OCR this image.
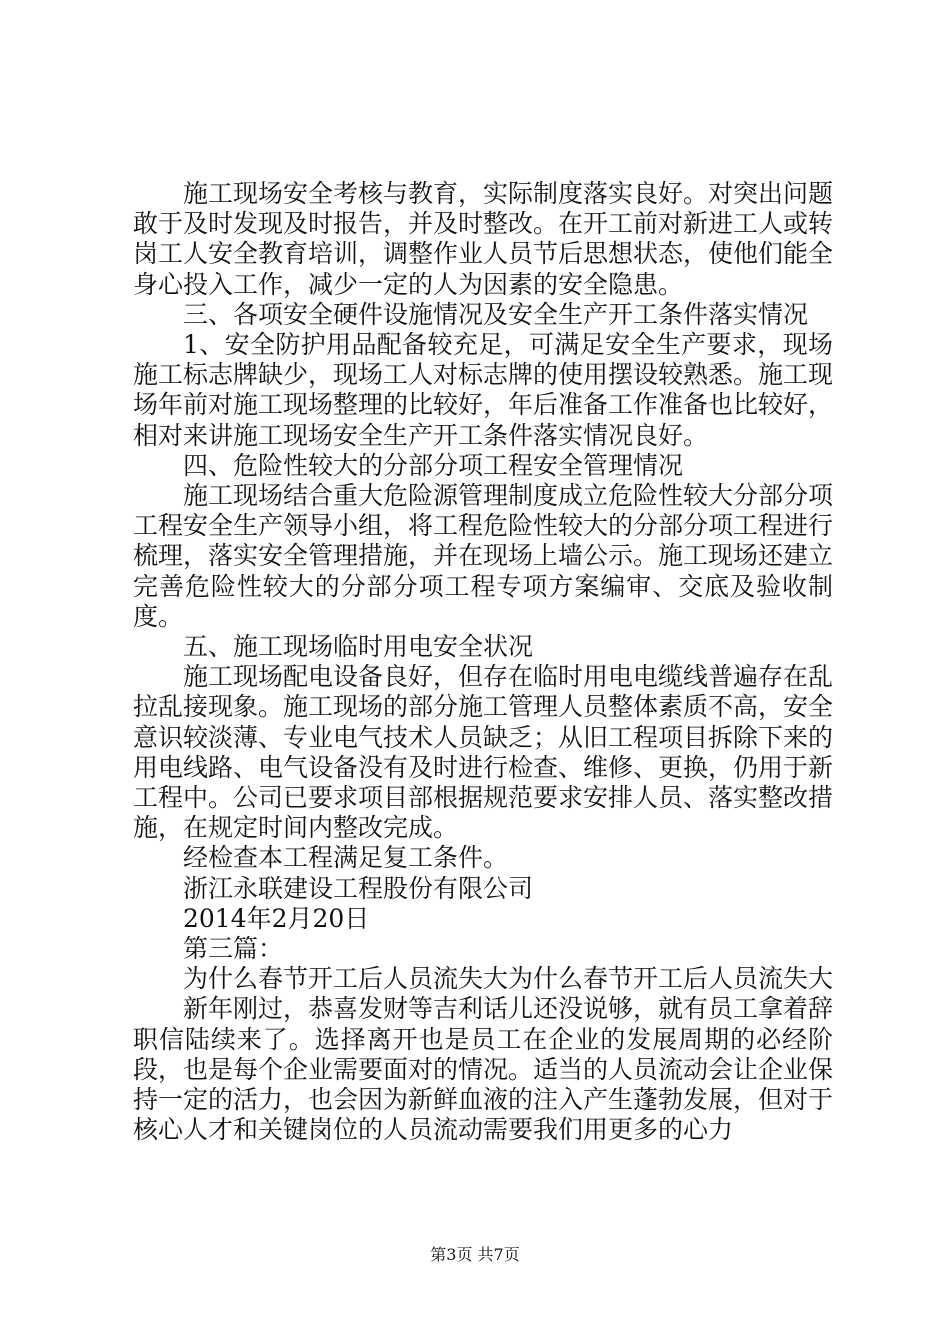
施工现场安全考核与教育，实际制度落实良好。对突出问题敢于及时发现及时报告，并及时整改。在开工前对新进工人或转岗工人安全教育培训，调整作业人员节后思想状态，使他们能全身心投入工作，减少一定的人为因素的安全隐患。

三、各项安全硬件设施情况及安全生产开工条件落实情况

1、安全防护用品配备较充足，可满足安全生产要求，现场施工标志牌缺少，现场工人对标志牌的使用摆设较熟悉。施工现场年前对施工现场整理的比较好，年后准备工作准备也比较好，相对来讲施工现场安全生产开工条件落实情况良好。

四、危险性较大的分部分项工程安全管理情况

施工现场结合重大危险源管理制度成立危险性较大分部分项工程安全生产领导小组，将工程危险性较大的分部分项工程进行梳理，落实安全管理措施，并在现场上墙公示。施工现场还建立完善危险性较大的分部分项工程专项方案编审、交底及验收制度。

五、施工现场临时用电安全状况

施工现场配电设备良好，但存在临时用电电缆线普遍存在乱拉乱接现象。施工现场的部分施工管理人员整体素质不高，安全意识较淡薄、专业电气技术人员缺乏；从旧工程项目拆除下来的用电线路、电气设备没有及时进行检查、维修、更换，仍用于新工程中。公司已要求项目部根据规范要求安排人员、落实整改措施，在规定时间内整改完成。

经检查本工程满足复工条件。

浙江永联建设工程股份有限公司

2014年2月20日

第三篇：

为什么春节开工后人员流失大为什么春节开工后人员流失大

新年刚过，恭喜发财等吉利话儿还没说够，就有员工拿着辞职信陆续来了。选择离开也是员工在企业的发展周期的必经阶段，也是每个企业需要面对的情况。适当的人员流动会让企业保持一定的活力，也会因为新鲜血液的注入产生蓬勃发展，但对于核心人才和关键岗位的人员流动需要我们用更多的心力

第3页 共7页
